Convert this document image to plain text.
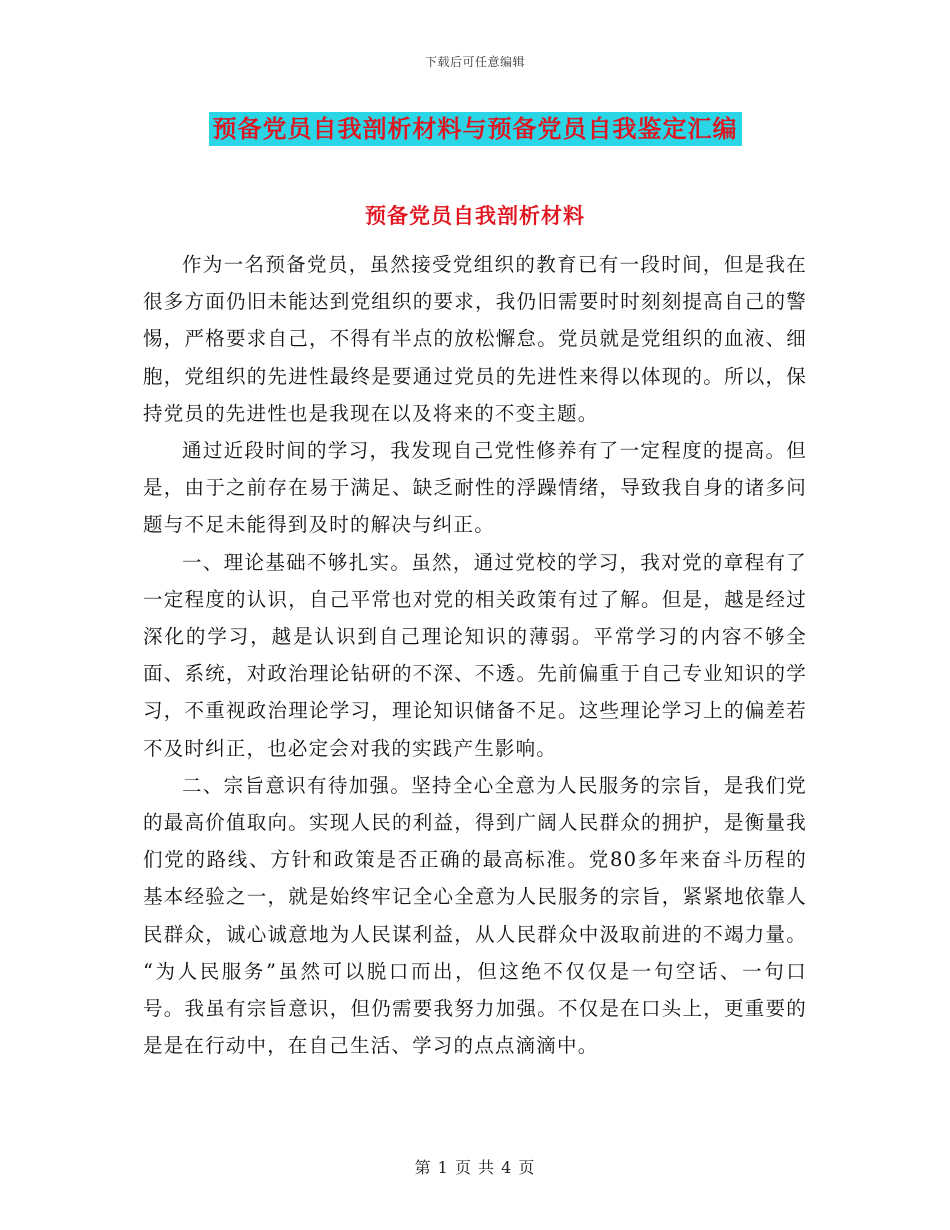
下载后可任意编辑
预备党员自我剖析材料与预备党员自我鉴定汇编
预备党员自我剖析材料

作为一名预备党员，虽然接受党组织的教育已有一段时间，但是我在很多方面仍旧未能达到党组织的要求，我仍旧需要时时刻刻提高自己的警惕，严格要求自己，不得有半点的放松懈怠。党员就是党组织的血液、细胞，党组织的先进性最终是要通过党员的先进性来得以体现的。所以，保持党员的先进性也是我现在以及将来的不变主题。

通过近段时间的学习，我发现自己党性修养有了一定程度的提高。但是，由于之前存在易于满足、缺乏耐性的浮躁情绪，导致我自身的诸多问题与不足未能得到及时的解决与纠正。

一、理论基础不够扎实。虽然，通过党校的学习，我对党的章程有了一定程度的认识，自己平常也对党的相关政策有过了解。但是，越是经过深化的学习，越是认识到自己理论知识的薄弱。平常学习的内容不够全面、系统，对政治理论钻研的不深、不透。先前偏重于自己专业知识的学习，不重视政治理论学习，理论知识储备不足。这些理论学习上的偏差若不及时纠正，也必定会对我的实践产生影响。

二、宗旨意识有待加强。坚持全心全意为人民服务的宗旨，是我们党的最高价值取向。实现人民的利益，得到广阔人民群众的拥护，是衡量我们党的路线、方针和政策是否正确的最高标准。党80多年来奋斗历程的基本经验之一，就是始终牢记全心全意为人民服务的宗旨，紧紧地依靠人民群众，诚心诚意地为人民谋利益，从人民群众中汲取前进的不竭力量。 “为人民服务”虽然可以脱口而出，但这绝不仅仅是一句空话、一句口号。我虽有宗旨意识，但仍需要我努力加强。不仅是在口头上，更重要的是是在行动中，在自己生活、学习的点点滴滴中。

第 1 页 共 4 页
